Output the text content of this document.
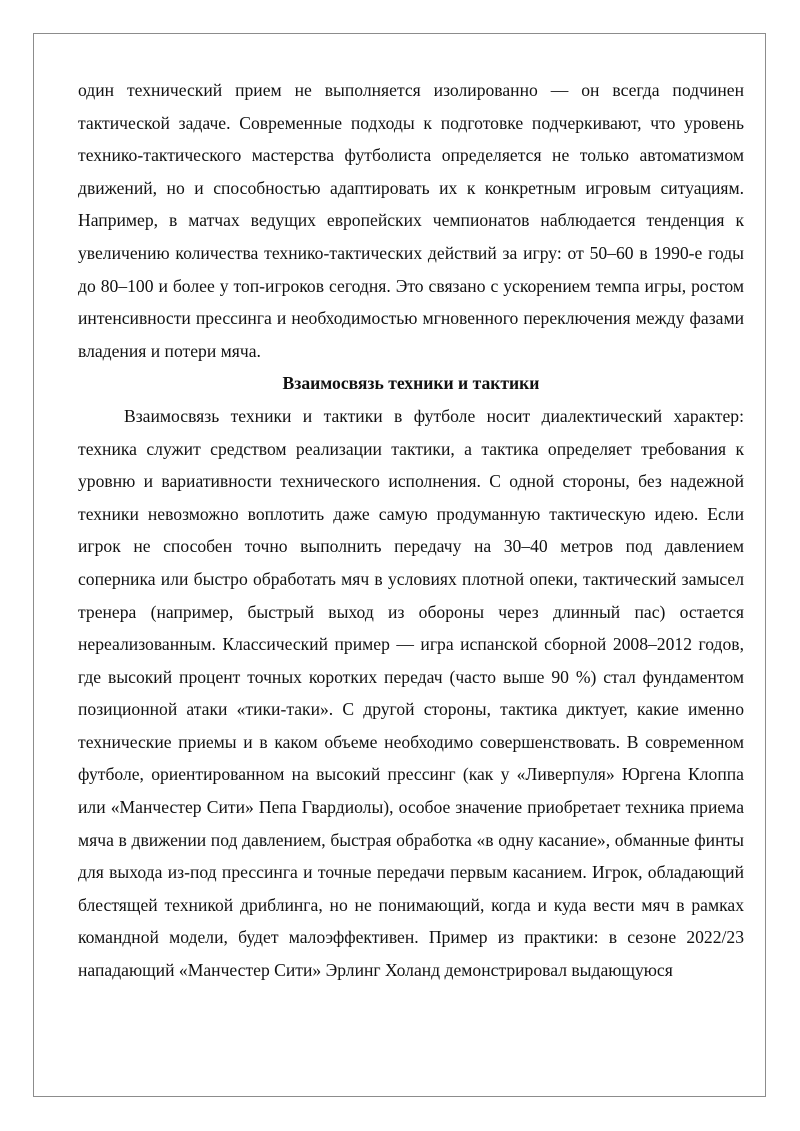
один технический прием не выполняется изолированно — он всегда подчинен тактической задаче. Современные подходы к подготовке подчеркивают, что уровень технико-тактического мастерства футболиста определяется не только автоматизмом движений, но и способностью адаптировать их к конкретным игровым ситуациям. Например, в матчах ведущих европейских чемпионатов наблюдается тенденция к увеличению количества технико-тактических действий за игру: от 50–60 в 1990-е годы до 80–100 и более у топ-игроков сегодня. Это связано с ускорением темпа игры, ростом интенсивности прессинга и необходимостью мгновенного переключения между фазами владения и потери мяча.

Взаимосвязь техники и тактики

Взаимосвязь техники и тактики в футболе носит диалектический характер: техника служит средством реализации тактики, а тактика определяет требования к уровню и вариативности технического исполнения. С одной стороны, без надежной техники невозможно воплотить даже самую продуманную тактическую идею. Если игрок не способен точно выполнить передачу на 30–40 метров под давлением соперника или быстро обработать мяч в условиях плотной опеки, тактический замысел тренера (например, быстрый выход из обороны через длинный пас) остается нереализованным. Классический пример — игра испанской сборной 2008–2012 годов, где высокий процент точных коротких передач (часто выше 90 %) стал фундаментом позиционной атаки «тики-таки». С другой стороны, тактика диктует, какие именно технические приемы и в каком объеме необходимо совершенствовать. В современном футболе, ориентированном на высокий прессинг (как у «Ливерпуля» Юргена Клоппа или «Манчестер Сити» Пепа Гвардиолы), особое значение приобретает техника приема мяча в движении под давлением, быстрая обработка «в одну касание», обманные финты для выхода из-под прессинга и точные передачи первым касанием. Игрок, обладающий блестящей техникой дриблинга, но не понимающий, когда и куда вести мяч в рамках командной модели, будет малоэффективен. Пример из практики: в сезоне 2022/23 нападающий «Манчестер Сити» Эрлинг Холанд демонстрировал выдающуюся
